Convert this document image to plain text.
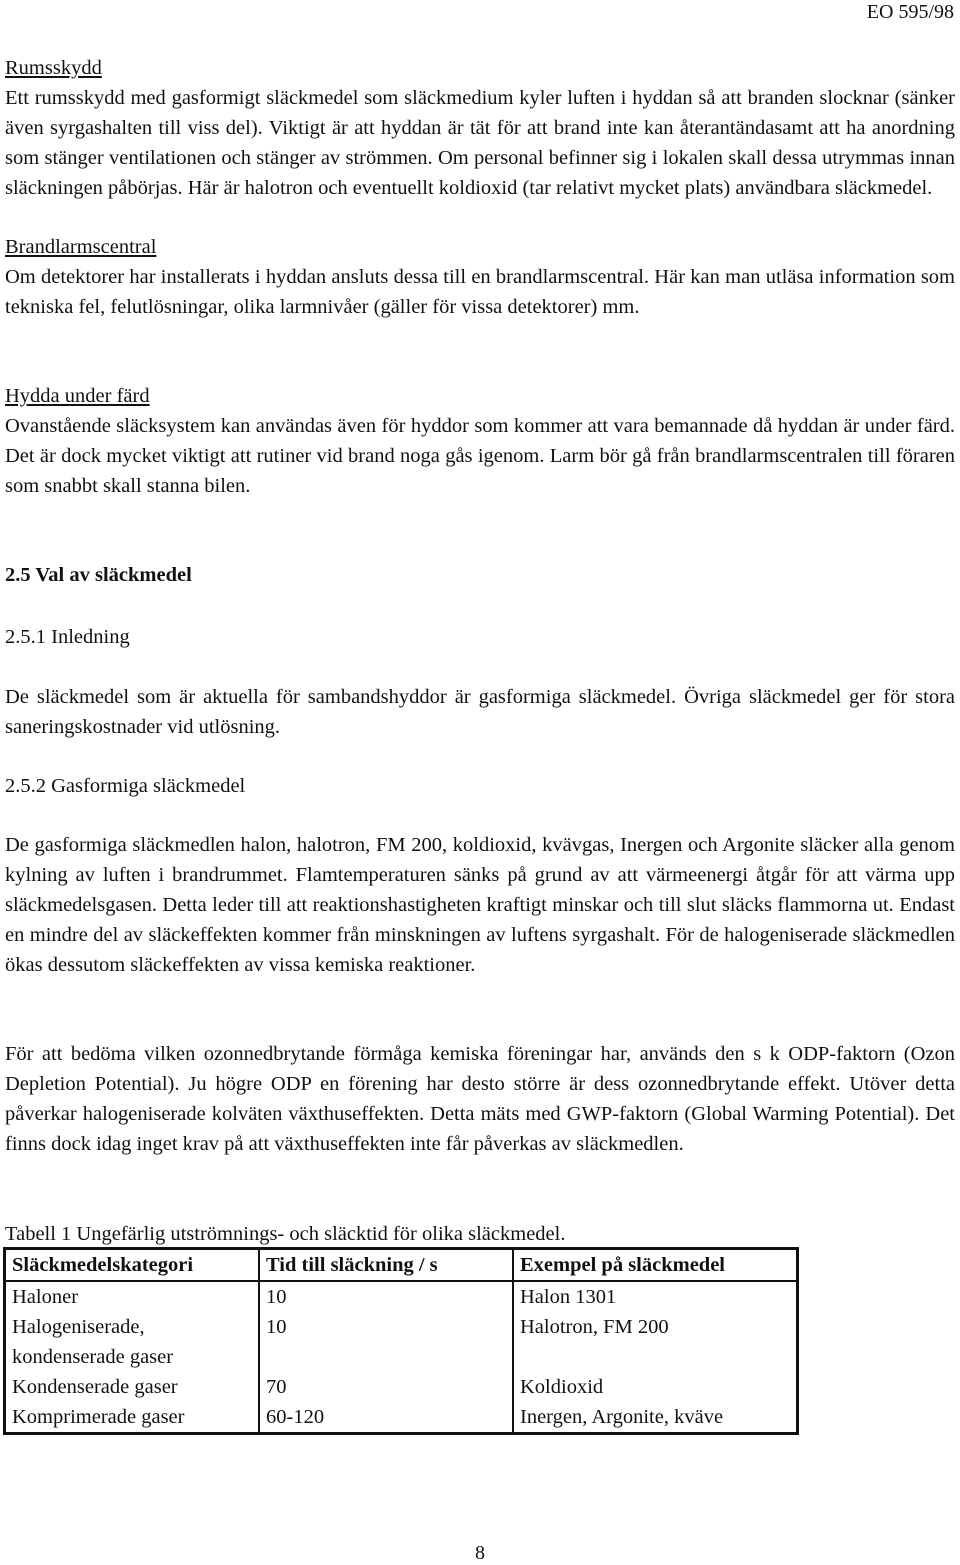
EO 595/98
Rumsskydd

Ett rumsskydd med gasformigt släckmedel som släckmedium kyler luften i hyddan så att branden slocknar (sänker även syrgashalten till viss del). Viktigt är att hyddan är tät för att brand inte kan återantändasamt att ha anordning som stänger ventilationen och stänger av strömmen. Om personal befinner sig i lokalen skall dessa utrymmas innan släckningen påbörjas. Här är halotron och eventuellt koldioxid (tar relativt mycket plats) användbara släckmedel.

Brandlarmscentral

Om detektorer har installerats i hyddan ansluts dessa till en brandlarmscentral. Här kan man utläsa information som tekniska fel, felutlösningar, olika larmnivåer (gäller för vissa detektorer) mm.

Hydda under färd

Ovanstående släcksystem kan användas även för hyddor som kommer att vara bemannade då hyddan är under färd. Det är dock mycket viktigt att rutiner vid brand noga gås igenom. Larm bör gå från brandlarmscentralen till föraren som snabbt skall stanna bilen.

2.5 Val av släckmedel
2.5.1 Inledning

De släckmedel som är aktuella för sambandshyddor är gasformiga släckmedel. Övriga släckmedel ger för stora saneringskostnader vid utlösning.

2.5.2 Gasformiga släckmedel

De gasformiga släckmedlen halon, halotron, FM 200, koldioxid, kvävgas, Inergen och Argonite släcker alla genom kylning av luften i brandrummet. Flamtemperaturen sänks på grund av att värmeenergi åtgår för att värma upp släckmedelsgasen. Detta leder till att reaktionshastigheten kraftigt minskar och till slut släcks flammorna ut. Endast en mindre del av släckeffekten kommer från minskningen av luftens syrgashalt. För de halogeniserade släckmedlen ökas dessutom släckeffekten av vissa kemiska reaktioner.

För att bedöma vilken ozonnedbrytande förmåga kemiska föreningar har, används den s k ODP-faktorn (Ozon Depletion Potential). Ju högre ODP en förening har desto större är dess ozonnedbrytande effekt. Utöver detta påverkar halogeniserade kolväten växthuseffekten. Detta mäts med GWP-faktorn (Global Warming Potential). Det finns dock idag inget krav på att växthuseffekten inte får påverkas av släckmedlen.

Tabell 1 Ungefärlig utströmnings- och släcktid för olika släckmedel.
Släckmedelskategori	Tid till släckning / s	Exempel på släckmedel
Haloner	10	Halon 1301
Halogeniserade, kondenserade gaser	10	Halotron, FM 200
Kondenserade gaser	70	Koldioxid
Komprimerade gaser	60-120	Inergen, Argonite, kväve
8
